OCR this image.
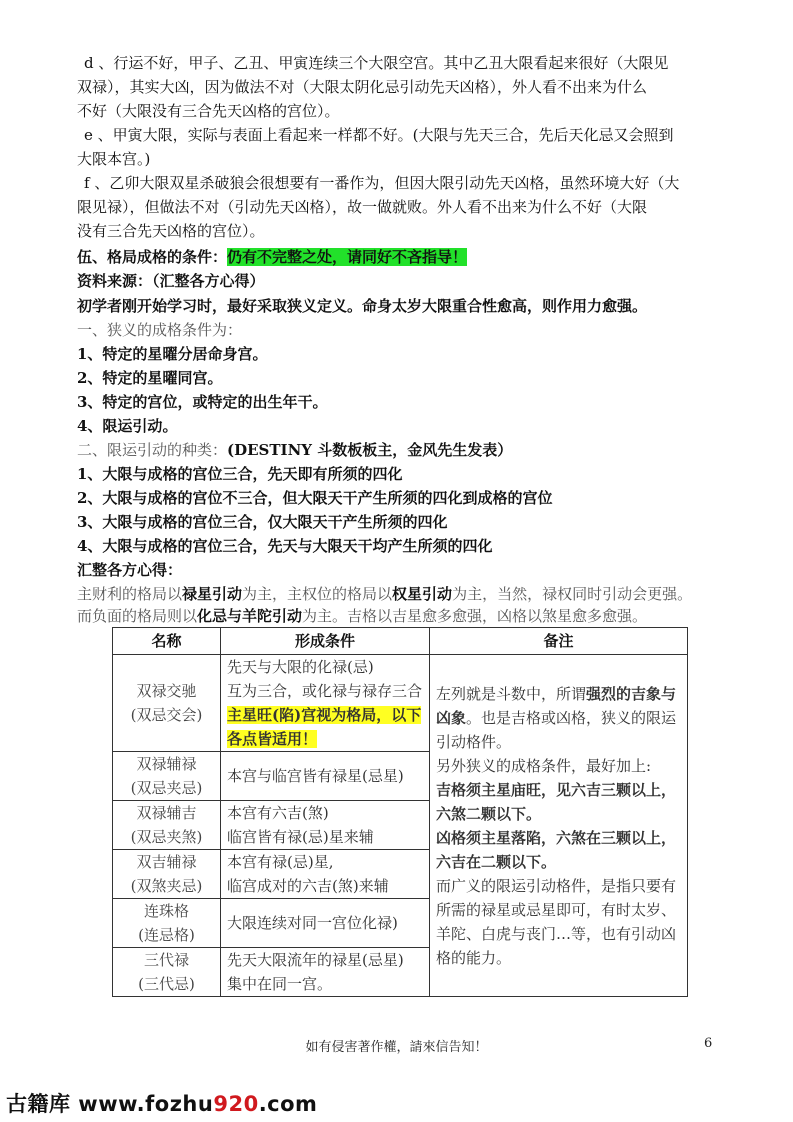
d 、行运不好，甲子、乙丑、甲寅连续三个大限空宫。其中乙丑大限看起来很好（大限见
双禄），其实大凶，因为做法不对（大限太阴化忌引动先天凶格），外人看不出来为什么
不好（大限没有三合先天凶格的宫位）。
e 、甲寅大限，实际与表面上看起来一样都不好。(大限与先天三合，先后天化忌又会照到
大限本宫。)
f 、乙卯大限双星杀破狼会很想要有一番作为，但因大限引动先天凶格，虽然环境大好（大
限见禄），但做法不对（引动先天凶格），故一做就败。外人看不出来为什么不好（大限
没有三合先天凶格的宫位）。
伍、格局成格的条件：仍有不完整之处，请同好不吝指导！
资料来源：（汇整各方心得）
初学者刚开始学习时，最好采取狭义定义。命身太岁大限重合性愈高，则作用力愈强。
一、狭义的成格条件为：
1、特定的星曜分居命身宫。
2、特定的星曜同宫。
3、特定的宫位，或特定的出生年干。
4、限运引动。
二、限运引动的种类：(DESTINY 斗数板板主，金风先生发表）
1、大限与成格的宫位三合，先天即有所须的四化
2、大限与成格的宫位不三合，但大限天干产生所须的四化到成格的宫位
3、大限与成格的宫位三合，仅大限天干产生所须的四化
4、大限与成格的宫位三合，先天与大限天干均产生所须的四化
汇整各方心得：
主财利的格局以禄星引动为主，主权位的格局以权星引动为主，当然，禄权同时引动会更强。
而负面的格局则以化忌与羊陀引动为主。吉格以吉星愈多愈强，凶格以煞星愈多愈强。
名称	形成条件	备注
双禄交驰
(双忌交会)	先天与大限的化禄(忌)
互为三合，或化禄与禄存三合
主星旺(陷)宫视为格局，以下各点皆适用！	左列就是斗数中，所谓强烈的吉象与凶象。也是吉格或凶格，狭义的限运引动格件。
另外狭义的成格条件，最好加上:
吉格须主星庙旺，见六吉三颗以上，六煞二颗以下。
凶格须主星落陷，六煞在三颗以上，六吉在二颗以下。
而广义的限运引动格件，是指只要有所需的禄星或忌星即可，有时太岁、羊陀、白虎与丧门…等，也有引动凶格的能力。
双禄辅禄
(双忌夹忌)	本宫与临宫皆有禄星(忌星)	
双禄辅吉
(双忌夹煞)	本宫有六吉(煞)
临宫皆有禄(忌)星来辅	
双吉辅禄
(双煞夹忌)	本宫有禄(忌)星,
临宫成对的六吉(煞)来辅	
连珠格
(连忌格)	大限连续对同一宫位化禄)	
三代禄
(三代忌)	先天大限流年的禄星(忌星)
集中在同一宫。	
如有侵害著作權，請來信告知！	6
古籍库 www.fozhu920.com
